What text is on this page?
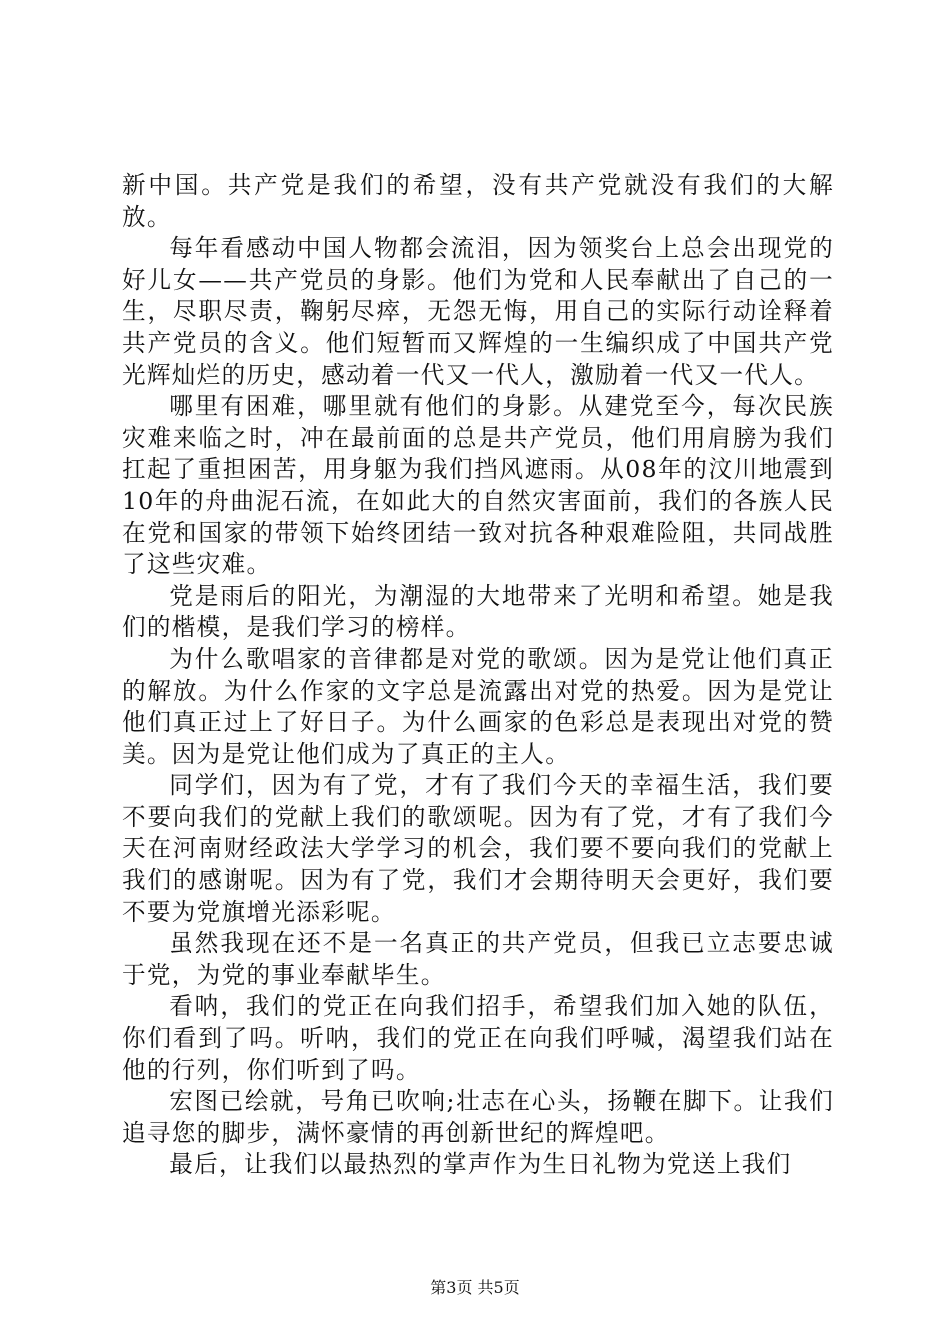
新中国。共产党是我们的希望，没有共产党就没有我们的大解放。

每年看感动中国人物都会流泪，因为领奖台上总会出现党的好儿女——共产党员的身影。他们为党和人民奉献出了自己的一生，尽职尽责，鞠躬尽瘁，无怨无悔，用自己的实际行动诠释着共产党员的含义。他们短暂而又辉煌的一生编织成了中国共产党光辉灿烂的历史，感动着一代又一代人，激励着一代又一代人。

哪里有困难，哪里就有他们的身影。从建党至今，每次民族灾难来临之时，冲在最前面的总是共产党员，他们用肩膀为我们扛起了重担困苦，用身躯为我们挡风遮雨。从08年的汶川地震到10年的舟曲泥石流，在如此大的自然灾害面前，我们的各族人民在党和国家的带领下始终团结一致对抗各种艰难险阻，共同战胜了这些灾难。

党是雨后的阳光，为潮湿的大地带来了光明和希望。她是我们的楷模，是我们学习的榜样。

为什么歌唱家的音律都是对党的歌颂。因为是党让他们真正的解放。为什么作家的文字总是流露出对党的热爱。因为是党让他们真正过上了好日子。为什么画家的色彩总是表现出对党的赞美。因为是党让他们成为了真正的主人。

同学们，因为有了党，才有了我们今天的幸福生活，我们要不要向我们的党献上我们的歌颂呢。因为有了党，才有了我们今天在河南财经政法大学学习的机会，我们要不要向我们的党献上我们的感谢呢。因为有了党，我们才会期待明天会更好，我们要不要为党旗增光添彩呢。

虽然我现在还不是一名真正的共产党员，但我已立志要忠诚于党，为党的事业奉献毕生。

看呐，我们的党正在向我们招手，希望我们加入她的队伍，你们看到了吗。听呐，我们的党正在向我们呼喊，渴望我们站在他的行列，你们听到了吗。

宏图已绘就，号角已吹响;壮志在心头，扬鞭在脚下。让我们追寻您的脚步，满怀豪情的再创新世纪的辉煌吧。

最后，让我们以最热烈的掌声作为生日礼物为党送上我们

第3页 共5页
